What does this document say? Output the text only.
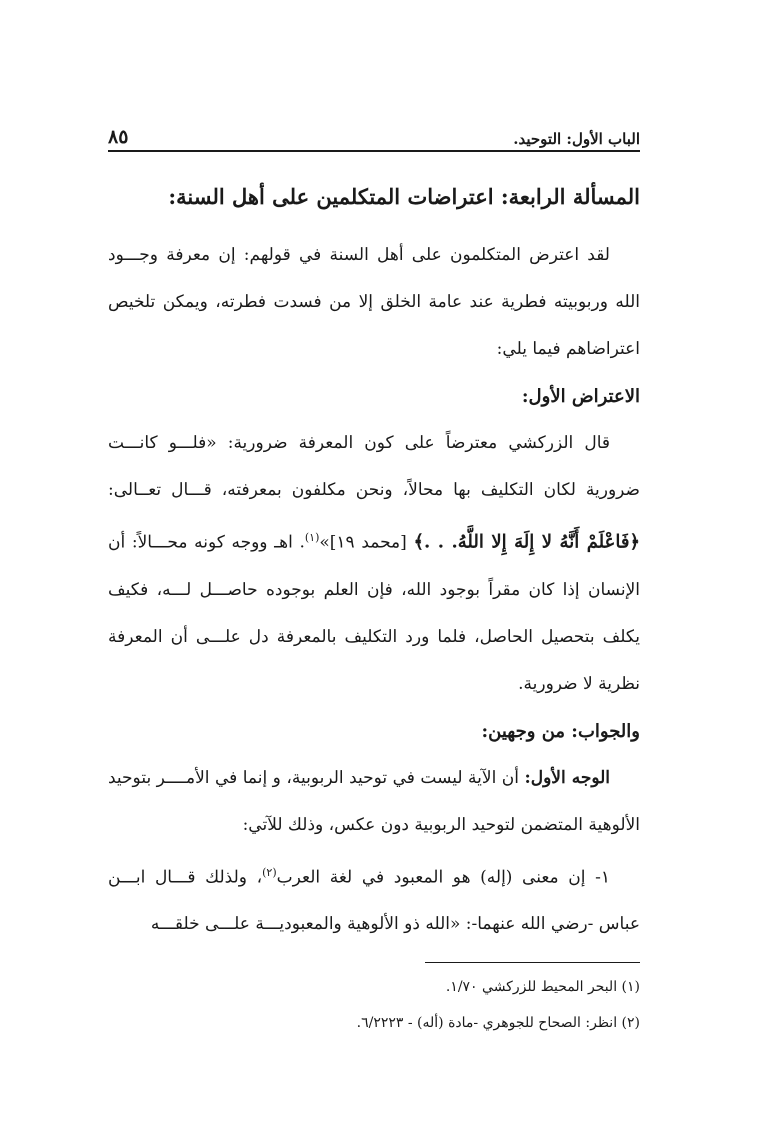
الباب الأول: التوحيد.
٨٥
المسألة الرابعة: اعتراضات المتكلمين على أهل السنة:

لقد اعترض المتكلمون على أهل السنة في قولهم: إن معرفة وجـــود الله وربوبيته فطرية عند عامة الخلق إلا من فسدت فطرته، ويمكن تلخيص اعتراضاهم فيما يلي:

الاعتراض الأول:

قال الزركشي معترضاً على كون المعرفة ضرورية: «فلـــو كانـــت ضرورية لكان التكليف بها محالاً، ونحن مكلفون بمعرفته، قـــال تعــالى: ﴿فَاعْلَمْ أَنَّهُ لا إِلَهَ إِلا اللَّهُ. . .﴾ [محمد ١٩]»$^{(١)}$. اهـ ووجه كونه محـــالاً: أن الإنسان إذا كان مقراً بوجود الله، فإن العلم بوجوده حاصـــل لـــه، فكيف يكلف بتحصيل الحاصل، فلما ورد التكليف بالمعرفة دل علـــى أن المعرفة نظرية لا ضرورية.

والجواب: من وجهين:

الوجه الأول: أن الآية ليست في توحيد الربوبية، و إنما في الأمــــر بتوحيد الألوهية المتضمن لتوحيد الربوبية دون عكس، وذلك للآتي:

١- إن معنى (إله) هو المعبود في لغة العرب$^{(٢)}$، ولذلك قـــال ابـــن عباس -رضي الله عنهما-: «الله ذو الألوهية والمعبوديـــة علـــى خلقـــه

(١) البحر المحيط للزركشي ١/٧٠.
(٢) انظر: الصحاح للجوهري -مادة (أله) - ٦/٢٢٢٣.
